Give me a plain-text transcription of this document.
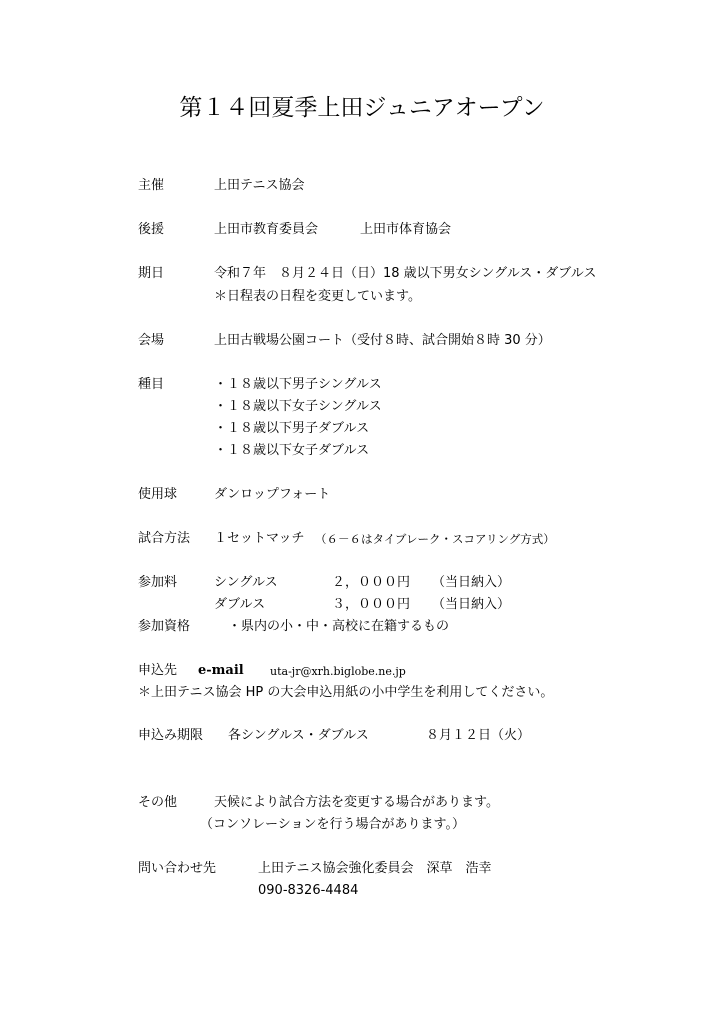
第１４回夏季上田ジュニアオープン
主催	上田テニス協会
後援	上田市教育委員会	上田市体育協会
期日	令和７年　８月２４日（日）18 歳以下男女シングルス・ダブルス
＊日程表の日程を変更しています。
会場	上田古戦場公園コート（受付８時、試合開始８時 30 分）
種目	・１８歳以下男子シングルス
・１８歳以下女子シングルス
・１８歳以下男子ダブルス
・１８歳以下女子ダブルス
使用球	ダンロップフォート
試合方法 １セットマッチ （６－６はタイブレーク・スコアリング方式）
参加料	シングルス	２，０００円 （当日納入）
ダブルス	３，０００円 （当日納入）
参加資格	・県内の小・中・高校に在籍するもの
申込先 e-mail uta-jr@xrh.biglobe.ne.jp
＊上田テニス協会 HP の大会申込用紙の小中学生を利用してください。
申込み期限 各シングルス・ダブルス	８月１２日（火）
その他	天候により試合方法を変更する場合があります。
（コンソレーションを行う場合があります。）
問い合わせ先	上田テニス協会強化委員会　深草　浩幸
090-8326-4484
